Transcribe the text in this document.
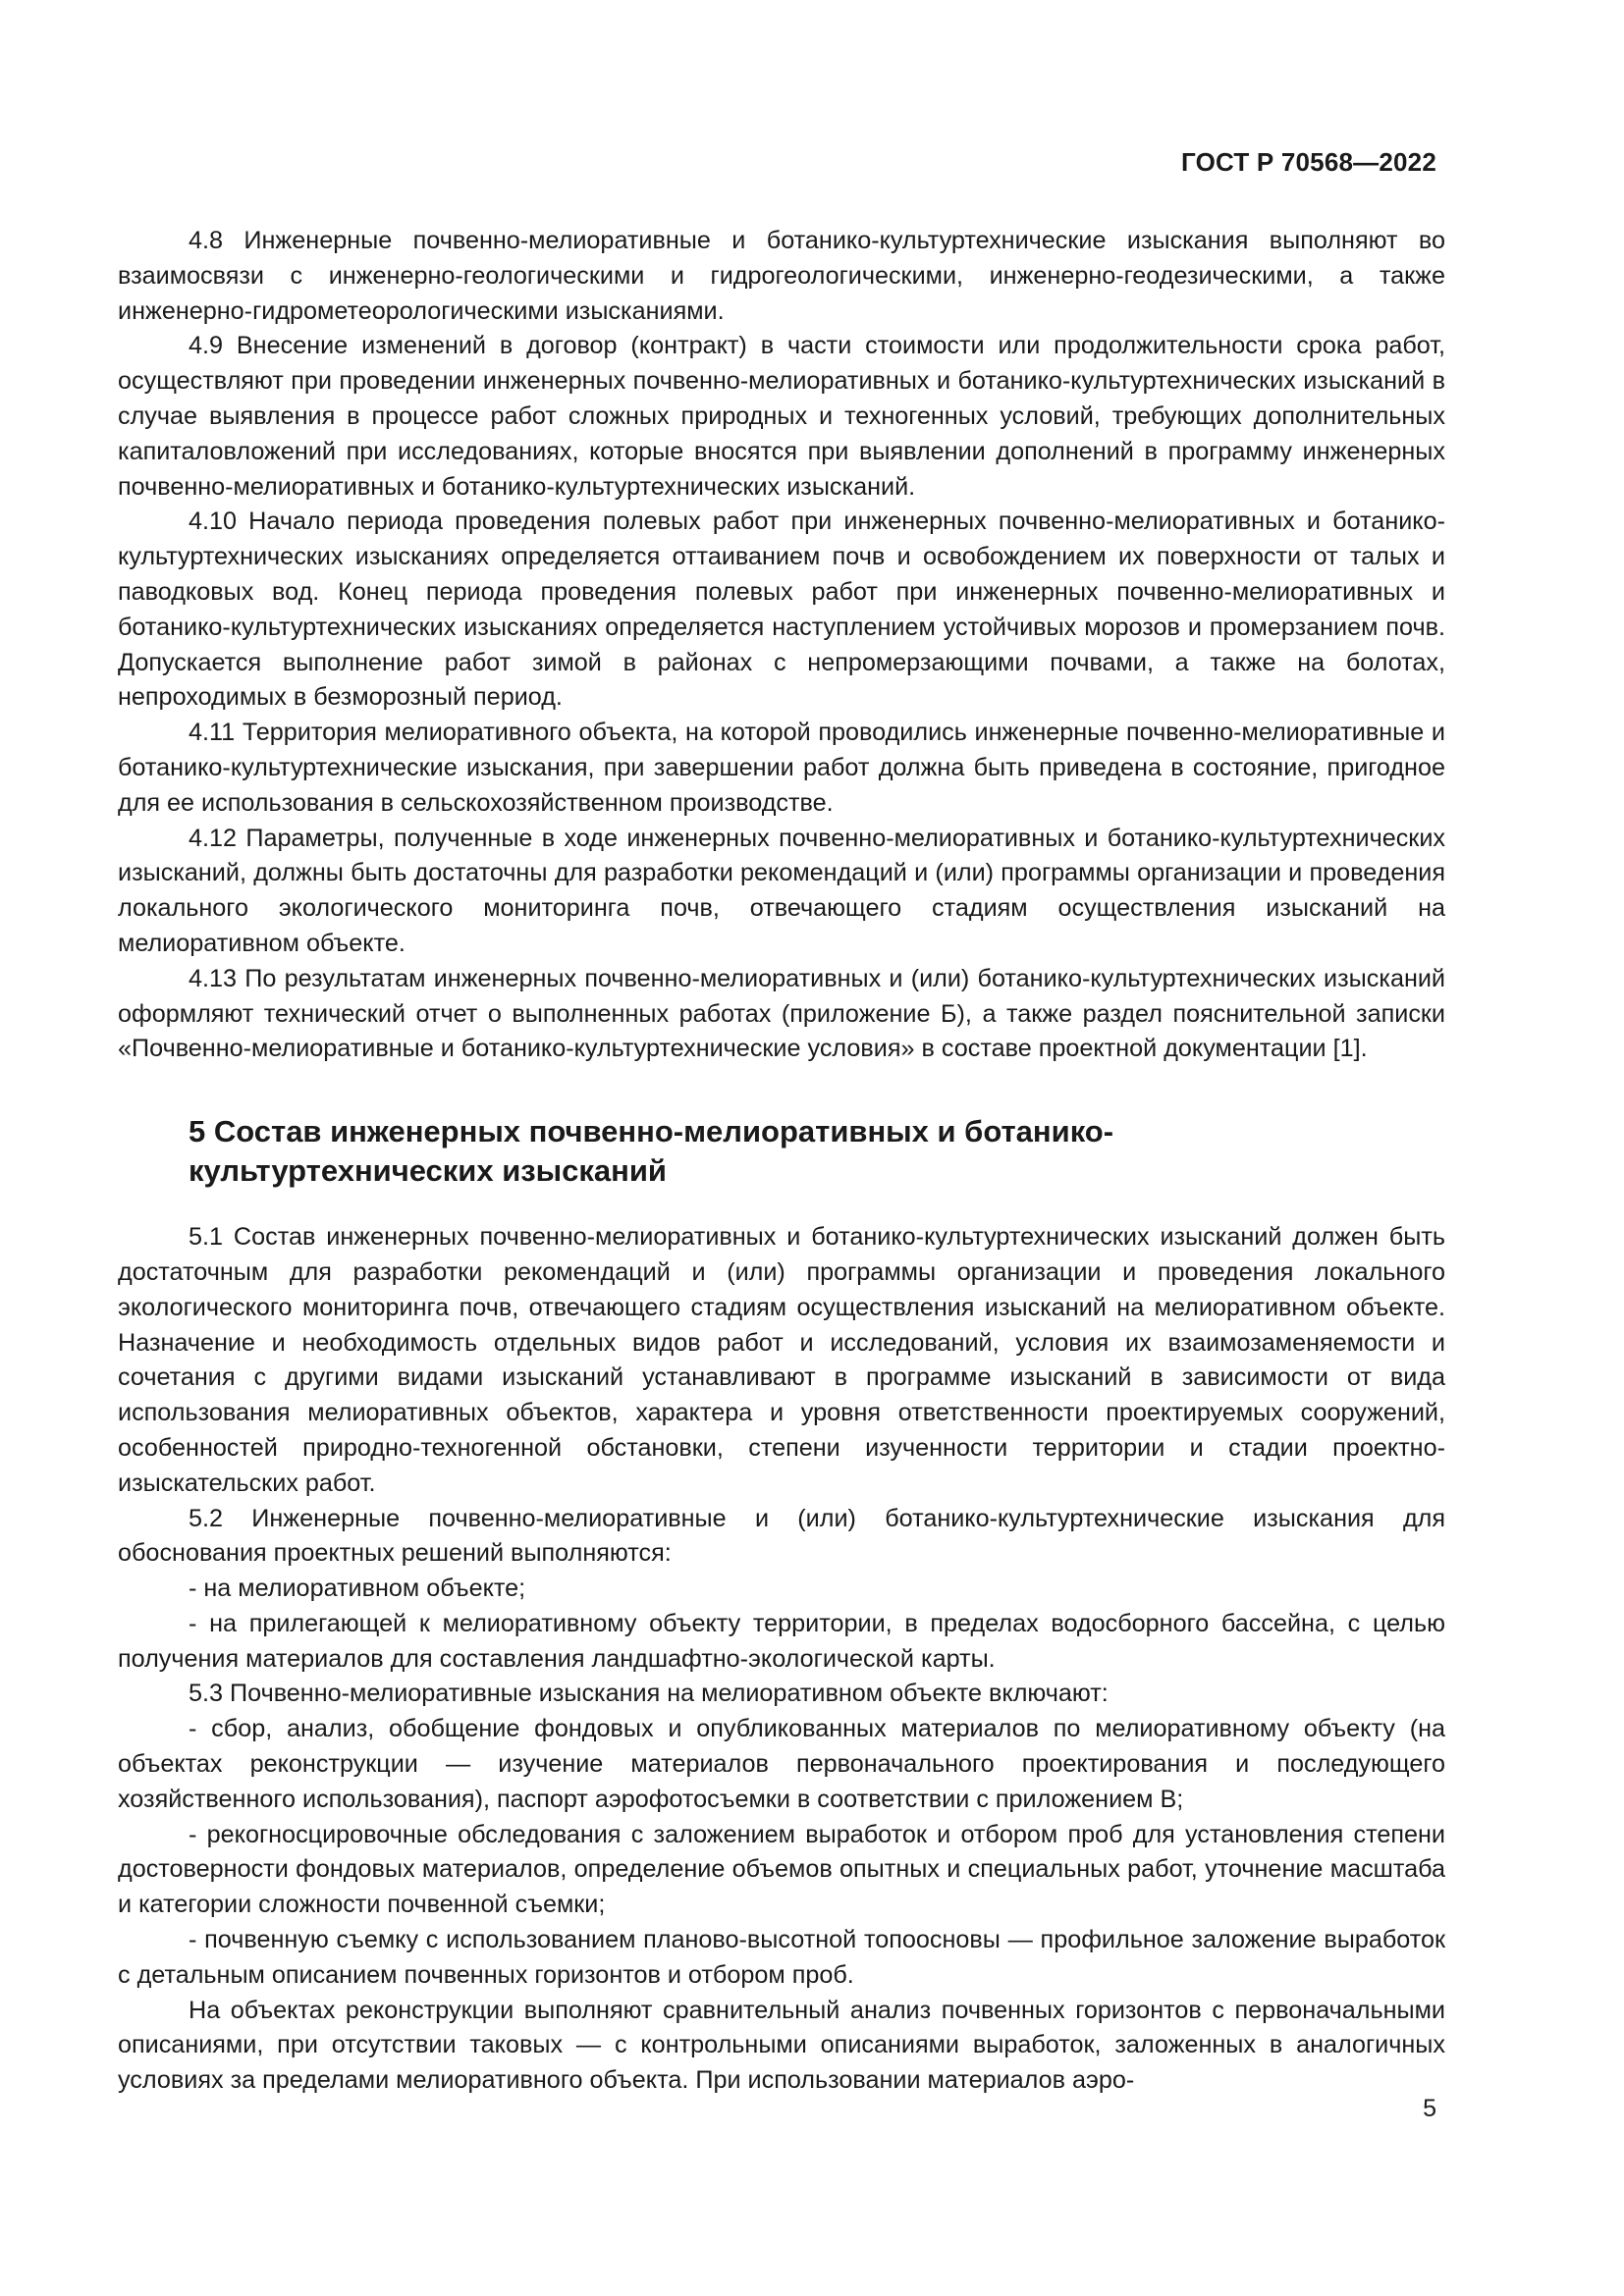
ГОСТ Р 70568—2022

4.8 Инженерные почвенно-мелиоративные и ботанико-культуртехнические изыскания выполняют во взаимосвязи с инженерно-геологическими и гидрогеологическими, инженерно-геодезическими, а также инженерно-гидрометеорологическими изысканиями.

4.9 Внесение изменений в договор (контракт) в части стоимости или продолжительности срока работ, осуществляют при проведении инженерных почвенно-мелиоративных и ботанико-культуртехнических изысканий в случае выявления в процессе работ сложных природных и техногенных условий, требующих дополнительных капиталовложений при исследованиях, которые вносятся при выявлении дополнений в программу инженерных почвенно-мелиоративных и ботанико-культуртехнических изысканий.

4.10 Начало периода проведения полевых работ при инженерных почвенно-мелиоративных и ботанико-культуртехнических изысканиях определяется оттаиванием почв и освобождением их поверхности от талых и паводковых вод. Конец периода проведения полевых работ при инженерных почвенно-мелиоративных и ботанико-культуртехнических изысканиях определяется наступлением устойчивых морозов и промерзанием почв. Допускается выполнение работ зимой в районах с непромерзающими почвами, а также на болотах, непроходимых в безморозный период.

4.11 Территория мелиоративного объекта, на которой проводились инженерные почвенно-мелиоративные и ботанико-культуртехнические изыскания, при завершении работ должна быть приведена в состояние, пригодное для ее использования в сельскохозяйственном производстве.

4.12 Параметры, полученные в ходе инженерных почвенно-мелиоративных и ботанико-культуртехнических изысканий, должны быть достаточны для разработки рекомендаций и (или) программы организации и проведения локального экологического мониторинга почв, отвечающего стадиям осуществления изысканий на мелиоративном объекте.

4.13 По результатам инженерных почвенно-мелиоративных и (или) ботанико-культуртехнических изысканий оформляют технический отчет о выполненных работах (приложение Б), а также раздел пояснительной записки «Почвенно-мелиоративные и ботанико-культуртехнические условия» в составе проектной документации [1].

5 Состав инженерных почвенно-мелиоративных и ботанико-
культуртехнических изысканий

5.1 Состав инженерных почвенно-мелиоративных и ботанико-культуртехнических изысканий должен быть достаточным для разработки рекомендаций и (или) программы организации и проведения локального экологического мониторинга почв, отвечающего стадиям осуществления изысканий на мелиоративном объекте. Назначение и необходимость отдельных видов работ и исследований, условия их взаимозаменяемости и сочетания с другими видами изысканий устанавливают в программе изысканий в зависимости от вида использования мелиоративных объектов, характера и уровня ответственности проектируемых сооружений, особенностей природно-техногенной обстановки, степени изученности территории и стадии проектно-изыскательских работ.

5.2 Инженерные почвенно-мелиоративные и (или) ботанико-культуртехнические изыскания для обоснования проектных решений выполняются:

- на мелиоративном объекте;

- на прилегающей к мелиоративному объекту территории, в пределах водосборного бассейна, с целью получения материалов для составления ландшафтно-экологической карты.

5.3 Почвенно-мелиоративные изыскания на мелиоративном объекте включают:

- сбор, анализ, обобщение фондовых и опубликованных материалов по мелиоративному объекту (на объектах реконструкции — изучение материалов первоначального проектирования и последующего хозяйственного использования), паспорт аэрофотосъемки в соответствии с приложением В;

- рекогносцировочные обследования с заложением выработок и отбором проб для установления степени достоверности фондовых материалов, определение объемов опытных и специальных работ, уточнение масштаба и категории сложности почвенной съемки;

- почвенную съемку с использованием планово-высотной топоосновы — профильное заложение выработок с детальным описанием почвенных горизонтов и отбором проб.

На объектах реконструкции выполняют сравнительный анализ почвенных горизонтов с первоначальными описаниями, при отсутствии таковых — с контрольными описаниями выработок, заложенных в аналогичных условиях за пределами мелиоративного объекта. При использовании материалов аэро-

5
